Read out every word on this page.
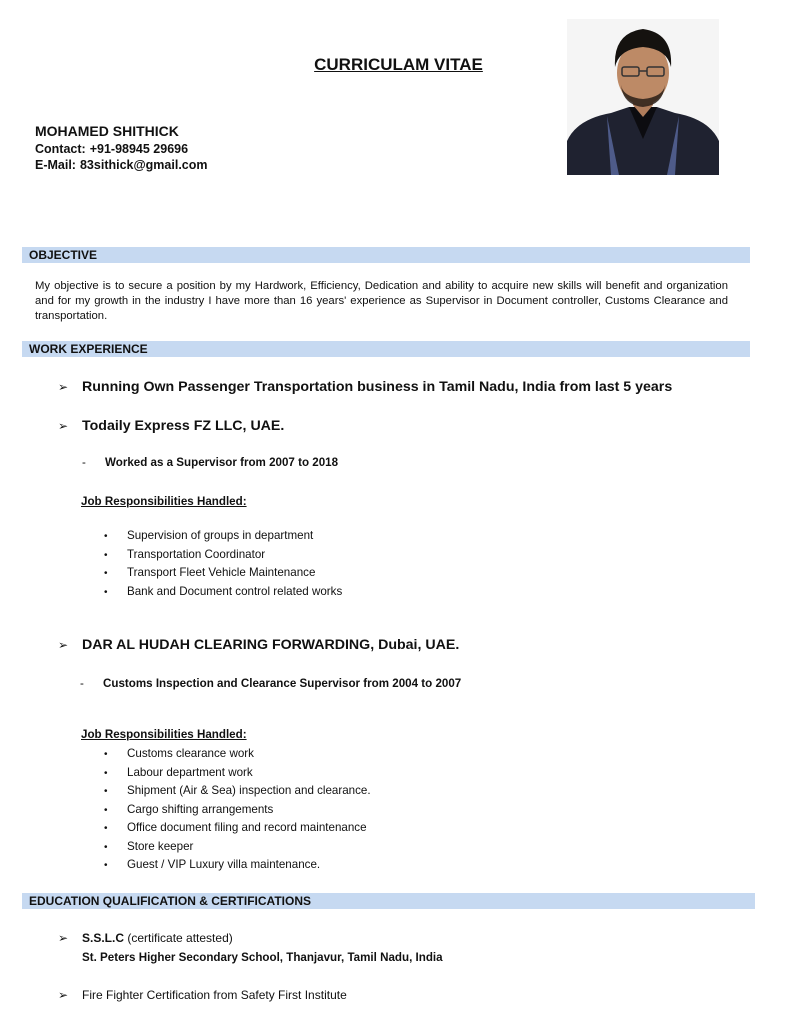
CURRICULAM VITAE
MOHAMED SHITHICK
Contact: +91-98945 29696
E-Mail: 83sithick@gmail.com
OBJECTIVE
My objective is to secure a position by my Hardwork, Efficiency, Dedication and ability to acquire new skills will benefit and organization and for my growth in the industry I have more than 16 years' experience as Supervisor in Document controller, Customs Clearance and transportation.
WORK EXPERIENCE
➢ Running Own Passenger Transportation business in Tamil Nadu, India from last 5 years
➢ Todaily Express FZ LLC, UAE.
- Worked as a Supervisor from 2007 to 2018
Job Responsibilities Handled:
• Supervision of groups in department
• Transportation Coordinator
• Transport Fleet Vehicle Maintenance
• Bank and Document control related works
➢ DAR AL HUDAH CLEARING FORWARDING, Dubai, UAE.
- Customs Inspection and Clearance Supervisor from 2004 to 2007
Job Responsibilities Handled:
• Customs clearance work
• Labour department work
• Shipment (Air & Sea) inspection and clearance.
• Cargo shifting arrangements
• Office document filing and record maintenance
• Store keeper
• Guest / VIP Luxury villa maintenance.
EDUCATION QUALIFICATION & CERTIFICATIONS
➢ S.S.L.C (certificate attested)
St. Peters Higher Secondary School, Thanjavur, Tamil Nadu, India
➢ Fire Fighter Certification from Safety First Institute
